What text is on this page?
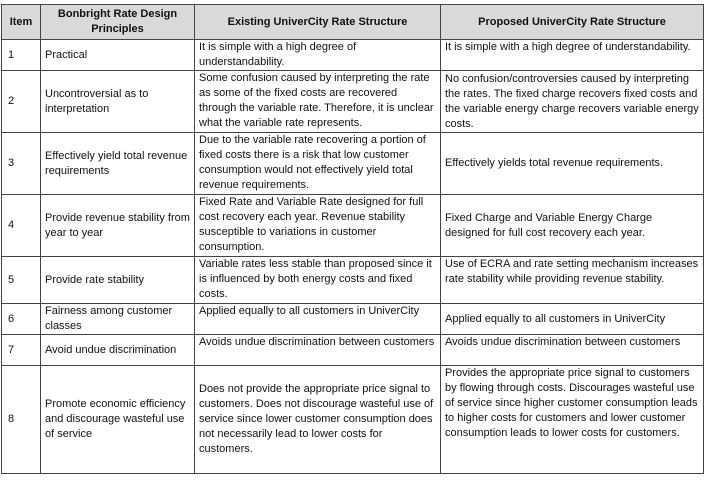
Item	Bonbright Rate Design Principles	Existing UniverCity Rate Structure	Proposed UniverCity Rate Structure
1	Practical	It is simple with a high degree of understandability.	It is simple with a high degree of understandability.
2	Uncontroversial as to interpretation	Some confusion caused by interpreting the rate as some of the fixed costs are recovered through the variable rate. Therefore, it is unclear what the variable rate represents.	No confusion/controversies caused by interpreting the rates. The fixed charge recovers fixed costs and the variable energy charge recovers variable energy costs.
3	Effectively yield total revenue requirements	Due to the variable rate recovering a portion of fixed costs there is a risk that low customer consumption would not effectively yield total revenue requirements.	Effectively yields total revenue requirements.
4	Provide revenue stability from year to year	Fixed Rate and Variable Rate designed for full cost recovery each year. Revenue stability susceptible to variations in customer consumption.	Fixed Charge and Variable Energy Charge designed for full cost recovery each year.
5	Provide rate stability	Variable rates less stable than proposed since it is influenced by both energy costs and fixed costs.	Use of ECRA and rate setting mechanism increases rate stability while providing revenue stability.
6	Fairness among customer classes	Applied equally to all customers in UniverCity	Applied equally to all customers in UniverCity
7	Avoid undue discrimination	Avoids undue discrimination between customers	Avoids undue discrimination between customers
8	Promote economic efficiency and discourage wasteful use of service	Does not provide the appropriate price signal to customers. Does not discourage wasteful use of service since lower customer consumption does not necessarily lead to lower costs for customers.	Provides the appropriate price signal to customers by flowing through costs. Discourages wasteful use of service since higher customer consumption leads to higher costs for customers and lower customer consumption leads to lower costs for customers.
